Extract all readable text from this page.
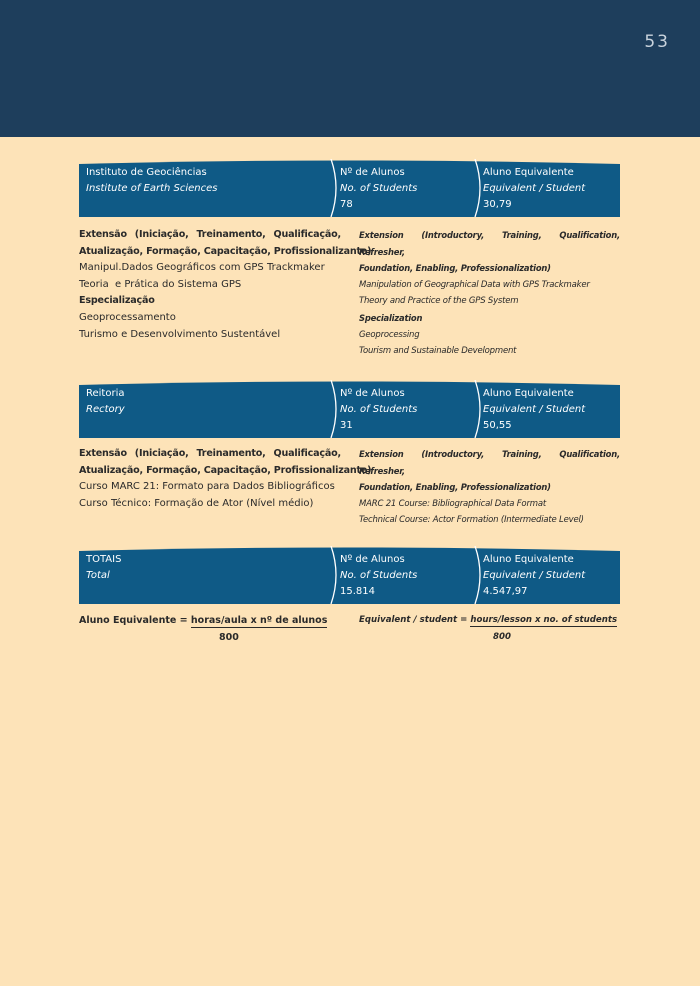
53
Instituto de Geociências
Institute of Earth Sciences
Nº de Alunos
No. of Students
78
Aluno Equivalente
Equivalent / Student
30,79
Extensão (Iniciação, Treinamento, Qualificação,
Atualização, Formação, Capacitação, Profissionalizante)
Manipul.Dados Geográficos com GPS Trackmaker
Teoria  e Prática do Sistema GPS
Especialização
Geoprocessamento
Turismo e Desenvolvimento Sustentável
Extension (Introductory, Training, Qualification, Refresher,
Foundation, Enabling, Professionalization)
Manipulation of Geographical Data with GPS Trackmaker
Theory and Practice of the GPS System
Specialization
Geoprocessing
Tourism and Sustainable Development
Reitoria
Rectory
Nº de Alunos
No. of Students
31
Aluno Equivalente
Equivalent / Student
50,55
Extensão (Iniciação, Treinamento, Qualificação,
Atualização, Formação, Capacitação, Profissionalizante)
Curso MARC 21: Formato para Dados Bibliográficos
Curso Técnico: Formação de Ator (Nível médio)
Extension (Introductory, Training, Qualification, Refresher,
Foundation, Enabling, Professionalization)
MARC 21 Course: Bibliographical Data Format
Technical Course: Actor Formation (Intermediate Level)
TOTAIS
Total
Nº de Alunos
No. of Students
15.814
Aluno Equivalente
Equivalent / Student
4.547,97
Aluno Equivalente = horas/aula x nº de alunos
800
Equivalent / student = hours/lesson x no. of students
800
